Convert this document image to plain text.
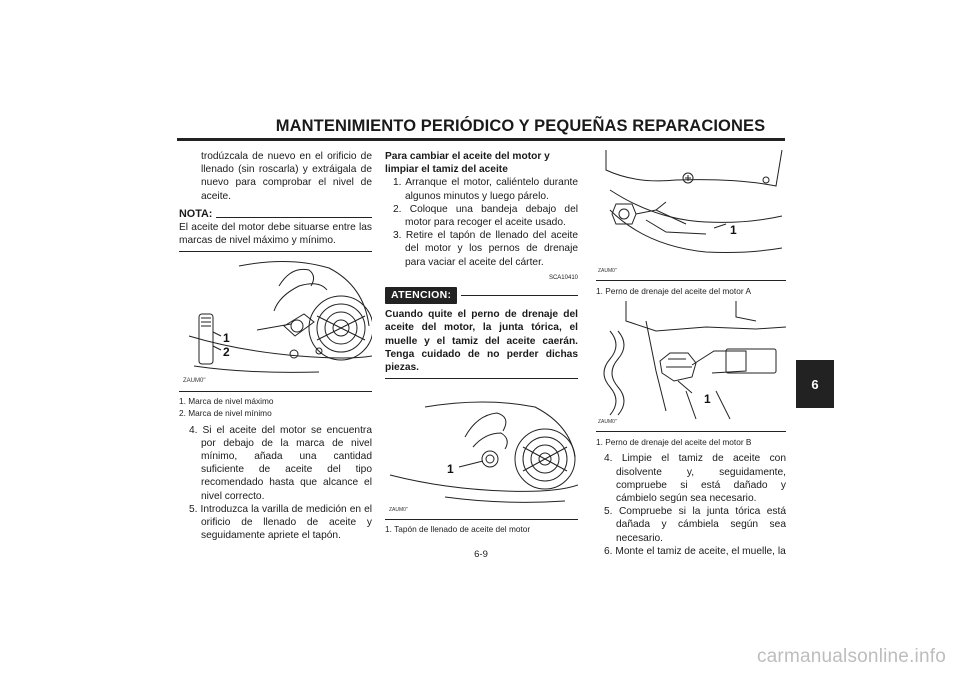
MANTENIMIENTO PERIÓDICO Y PEQUEÑAS REPARACIONES
6

trodúzcala de nuevo en el orificio de llenado (sin roscarla) y extráigala de nuevo para comprobar el nivel de aceite.

NOTA:

El aceite del motor debe situarse entre las marcas de nivel máximo y mínimo.

1
2
ZAUM0"
1. Marca de nivel máximo
2. Marca de nivel mínimo

4. Si el aceite del motor se encuentra por debajo de la marca de nivel mínimo, añada una cantidad suficiente de aceite del tipo recomendado hasta que alcance el nivel correcto.

5. Introduzca la varilla de medición en el orificio de llenado de aceite y seguidamente apriete el tapón.

Para cambiar el aceite del motor y limpiar el tamiz del aceite

1. Arranque el motor, caliéntelo durante algunos minutos y luego párelo.

2. Coloque una bandeja debajo del motor para recoger el aceite usado.

3. Retire el tapón de llenado del aceite del motor y los pernos de drenaje para vaciar el aceite del cárter.

SCA10410
ATENCION:

Cuando quite el perno de drenaje del aceite del motor, la junta tórica, el muelle y el tamiz del aceite caerán. Tenga cuidado de no perder dichas piezas.

1
ZAUM0"
1. Tapón de llenado de aceite del motor
1
ZAUM0"
1. Perno de drenaje del aceite del motor A
1
ZAUM0"
1. Perno de drenaje del aceite del motor B

4. Limpie el tamiz de aceite con disolvente y, seguidamente, compruebe si está dañado y cámbielo según sea necesario.

5. Compruebe si la junta tórica está dañada y cámbiela según sea necesario.

6. Monte el tamiz de aceite, el muelle, la

6-9
carmanualsonline.info
